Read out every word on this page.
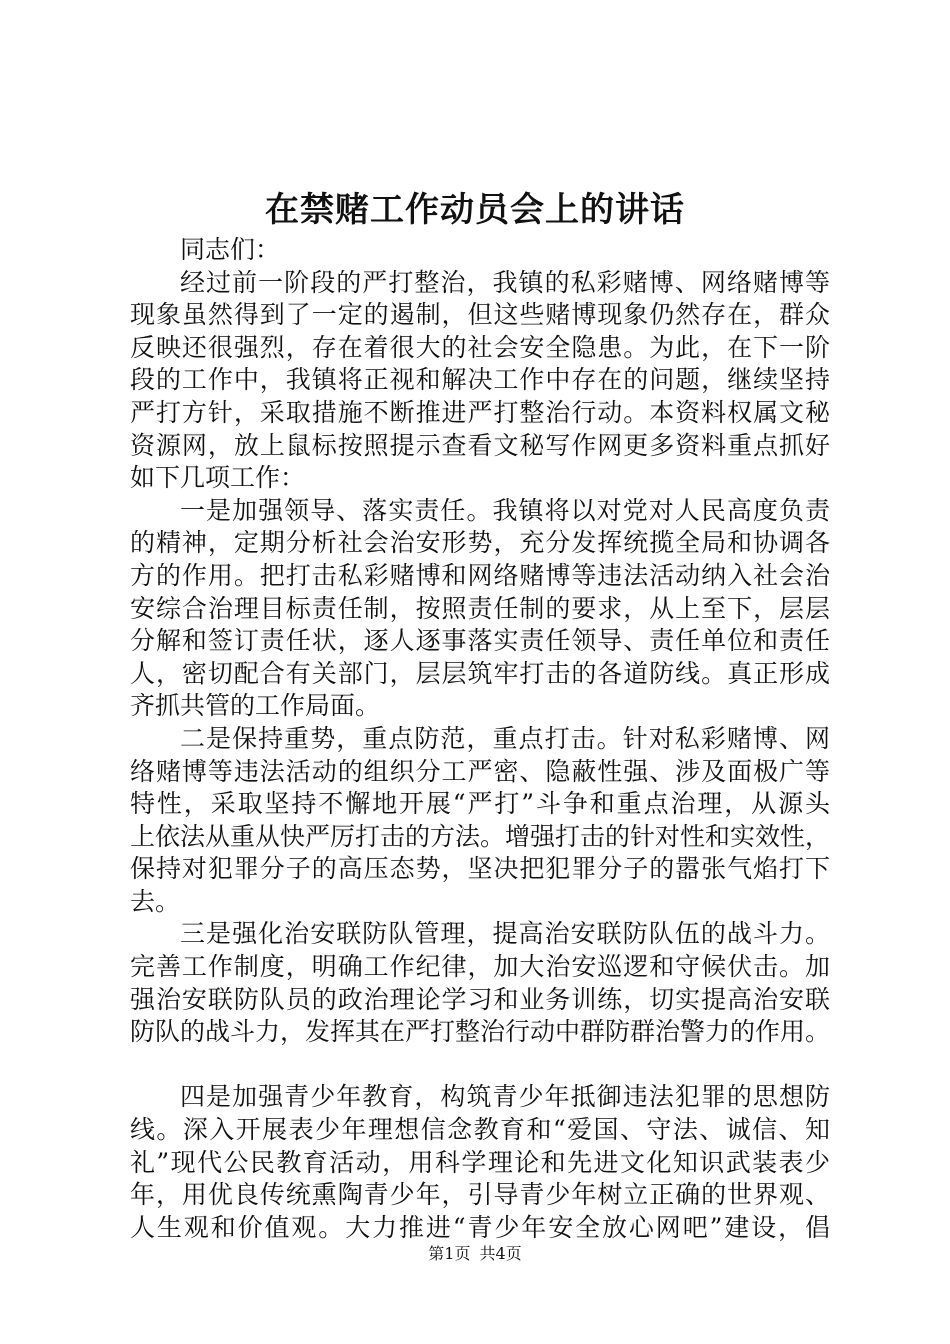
在禁赌工作动员会上的讲话
同志们：
经过前一阶段的严打整治，我镇的私彩赌博、网络赌博等
现象虽然得到了一定的遏制，但这些赌博现象仍然存在，群众
反映还很强烈，存在着很大的社会安全隐患。为此，在下一阶
段的工作中，我镇将正视和解决工作中存在的问题，继续坚持
严打方针，采取措施不断推进严打整治行动。本资料权属文秘
资源网，放上鼠标按照提示查看文秘写作网更多资料重点抓好
如下几项工作：
一是加强领导、落实责任。我镇将以对党对人民高度负责
的精神，定期分析社会治安形势，充分发挥统揽全局和协调各
方的作用。把打击私彩赌博和网络赌博等违法活动纳入社会治
安综合治理目标责任制，按照责任制的要求，从上至下，层层
分解和签订责任状，逐人逐事落实责任领导、责任单位和责任
人，密切配合有关部门，层层筑牢打击的各道防线。真正形成
齐抓共管的工作局面。
二是保持重势，重点防范，重点打击。针对私彩赌博、网
络赌博等违法活动的组织分工严密、隐蔽性强、涉及面极广等
特性，采取坚持不懈地开展“严打”斗争和重点治理，从源头
上依法从重从快严厉打击的方法。增强打击的针对性和实效性，
保持对犯罪分子的高压态势，坚决把犯罪分子的嚣张气焰打下
去。
三是强化治安联防队管理，提高治安联防队伍的战斗力。
完善工作制度，明确工作纪律，加大治安巡逻和守候伏击。加
强治安联防队员的政治理论学习和业务训练，切实提高治安联
防队的战斗力，发挥其在严打整治行动中群防群治警力的作用。
四是加强青少年教育，构筑青少年抵御违法犯罪的思想防
线。深入开展表少年理想信念教育和“爱国、守法、诚信、知
礼”现代公民教育活动，用科学理论和先进文化知识武装表少
年，用优良传统熏陶青少年，引导青少年树立正确的世界观、
人生观和价值观。大力推进“青少年安全放心网吧”建设，倡
第1页 共4页
